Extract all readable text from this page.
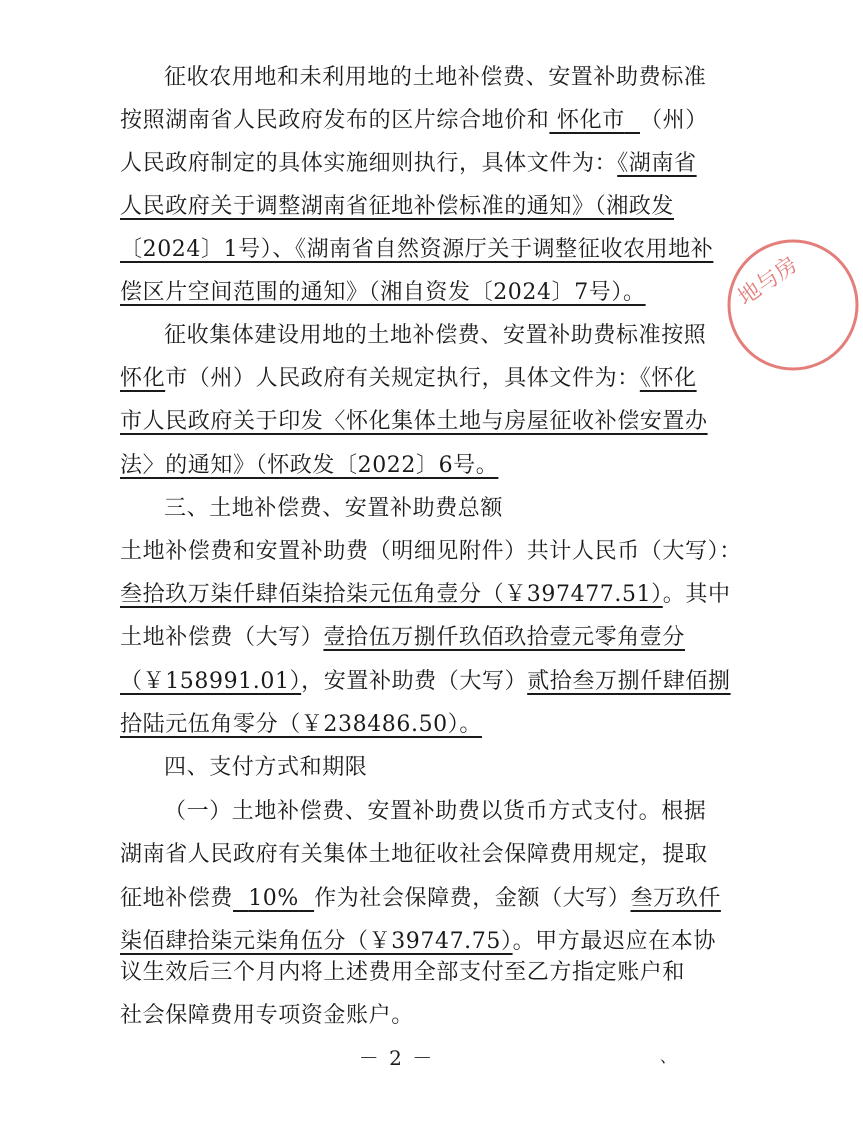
征收农用地和未利用地的土地补偿费、安置补助费标准
按照湖南省人民政府发布的区片综合地价和 怀化市 （州）
人民政府制定的具体实施细则执行，具体文件为：《湖南省
人民政府关于调整湖南省征地补偿标准的通知》（湘政发
〔2024〕1号）、《湖南省自然资源厅关于调整征收农用地补
偿区片空间范围的通知》（湘自资发〔2024〕7号）。
征收集体建设用地的土地补偿费、安置补助费标准按照
怀化市（州）人民政府有关规定执行，具体文件为：《怀化
市人民政府关于印发〈怀化集体土地与房屋征收补偿安置办
法〉的通知》（怀政发〔2022〕6号。
三、土地补偿费、安置补助费总额
土地补偿费和安置补助费（明细见附件）共计人民币（大写）：
叁拾玖万柒仟肆佰柒拾柒元伍角壹分（￥397477.51）。其中
土地补偿费（大写）壹拾伍万捌仟玖佰玖拾壹元零角壹分
（￥158991.01），安置补助费（大写）贰拾叁万捌仟肆佰捌
拾陆元伍角零分（￥238486.50）。
四、支付方式和期限
（一）土地补偿费、安置补助费以货币方式支付。根据
湖南省人民政府有关集体土地征收社会保障费用规定，提取
征地补偿费 10% 作为社会保障费，金额（大写）叁万玖仟
柒佰肆拾柒元柒角伍分（￥39747.75）。甲方最迟应在本协
－ 2 －	、
地与房
议生效后三个月内将上述费用全部支付至乙方指定账户和
社会保障费用专项资金账户。
